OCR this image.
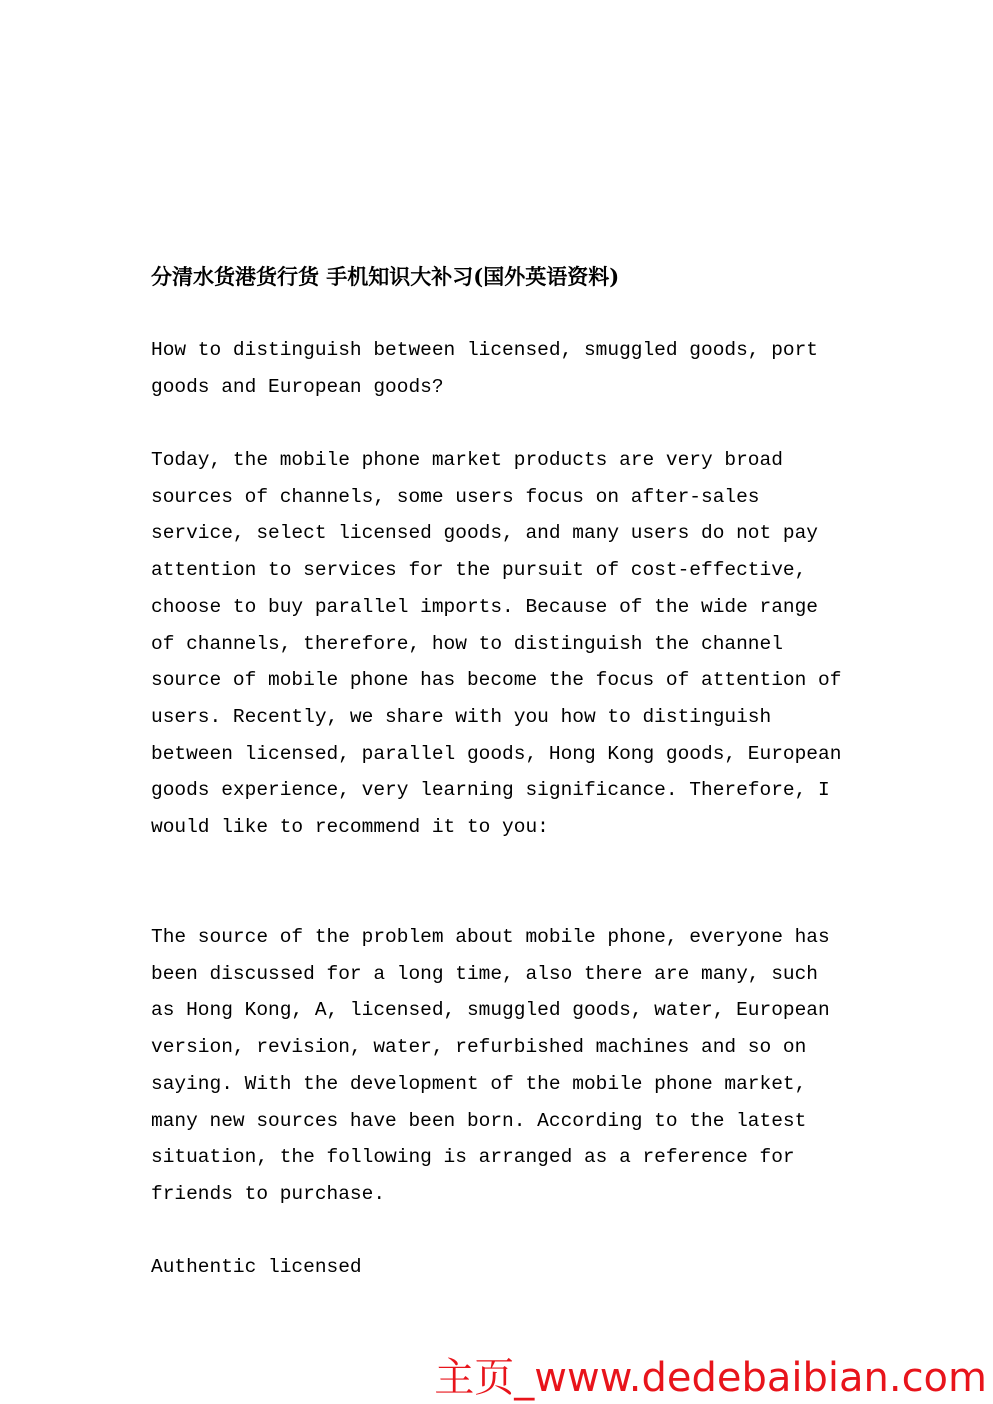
分清水货港货行货 手机知识大补习(国外英语资料)

How to distinguish between licensed, smuggled goods, port
goods and European goods?

Today, the mobile phone market products are very broad
sources of channels, some users focus on after-sales
service, select licensed goods, and many users do not pay
attention to services for the pursuit of cost-effective,
choose to buy parallel imports. Because of the wide range
of channels, therefore, how to distinguish the channel
source of mobile phone has become the focus of attention of
users. Recently, we share with you how to distinguish
between licensed, parallel goods, Hong Kong goods, European
goods experience, very learning significance. Therefore, I
would like to recommend it to you:

The source of the problem about mobile phone, everyone has
been discussed for a long time, also there are many, such
as Hong Kong, A, licensed, smuggled goods, water, European
version, revision, water, refurbished machines and so on
saying. With the development of the mobile phone market,
many new sources have been born. According to the latest
situation, the following is arranged as a reference for
friends to purchase.

Authentic licensed

主页_www.dedebaibian.com
